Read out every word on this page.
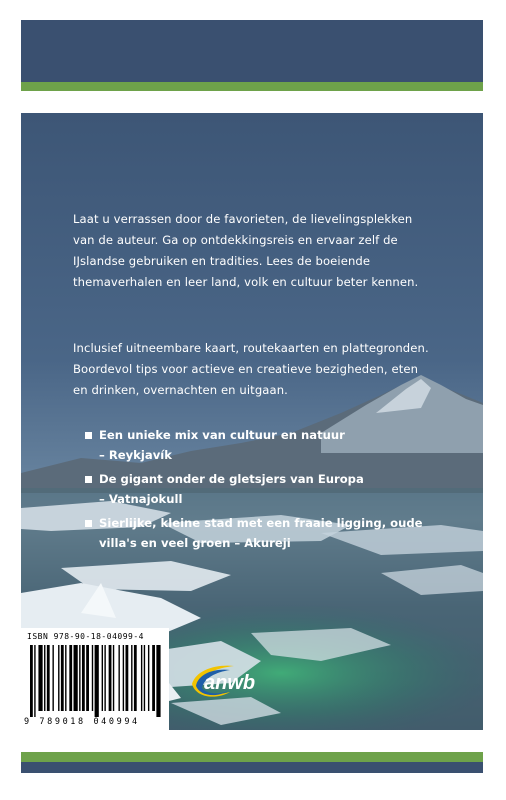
Laat u verrassen door de favorieten, de lievelingsplekken van de auteur. Ga op ontdekkingsreis en ervaar zelf de IJslandse gebruiken en tradities. Lees de boeiende themaverhalen en leer land, volk en cultuur beter kennen.

Inclusief uitneembare kaart, routekaarten en plattegronden. Boordevol tips voor actieve en creatieve bezigheden, eten en drinken, overnachten en uitgaan.

Een unieke mix van cultuur en natuur
– Reykjavík
De gigant onder de gletsjers van Europa
– Vatnajokull
Sierlijke, kleine stad met een fraaie ligging, oude villa's en veel groen – Akureji
ISBN 978-90-18-04099-4
9 789018 040994
anwb
